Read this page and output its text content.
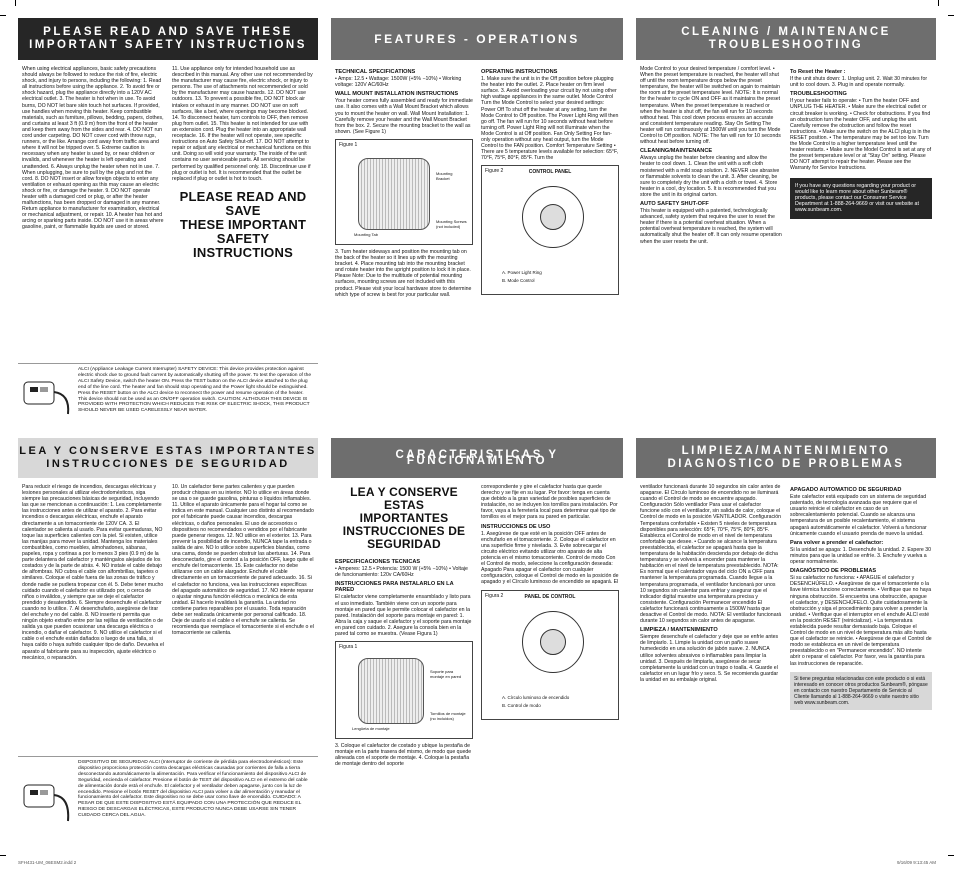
PLEASE READ AND SAVE THESE
IMPORTANT SAFETY INSTRUCTIONS

When using electrical appliances, basic safety precautions should always be followed to reduce the risk of fire, electric shock, and injury to persons, including the following: 1. Read all instructions before using the appliance. 2. To avoid fire or shock hazard, plug the appliance directly into a 120V AC electrical outlet. 3. The heater is hot when in use. To avoid burns, DO NOT let bare skin touch hot surfaces. If provided, use handles when moving this heater. Keep combustible materials, such as furniture, pillows, bedding, papers, clothes, and curtains at least 3 ft (0.9 m) from the front of the heater and keep them away from the sides and rear. 4. DO NOT run cord under carpeting. DO NOT cover cord with throw rugs, runners, or the like. Arrange cord away from traffic area and where it will not be tripped over. 5. Extreme caution is necessary when any heater is used by, or near children or invalids, and whenever the heater is left operating and unattended. 6. Always unplug the heater when not in use. 7. When unplugging, be sure to pull by the plug and not the cord. 8. DO NOT insert or allow foreign objects to enter any ventilation or exhaust opening as this may cause an electric shock or fire, or damage the heater. 9. DO NOT operate heater with a damaged cord or plug, or after the heater malfunctions, has been dropped or damaged in any manner. Return appliance to manufacturer for examination, electrical or mechanical adjustment, or repair. 10. A heater has hot and arcing or sparking parts inside. DO NOT use it in areas where gasoline, paint, or flammable liquids are used or stored.

11. Use appliance only for intended household use as described in this manual. Any other use not recommended by the manufacturer may cause fire, electric shock, or injury to persons. The use of attachments not recommended or sold by the manufacturer may cause hazards. 12. DO NOT use outdoors. 13. To prevent a possible fire, DO NOT block air intakes or exhaust in any manner. DO NOT use on soft surfaces, like a bed, where openings may become blocked. 14. To disconnect heater, turn controls to OFF, then remove plug from outlet. 15. This heater is not intended for use with an extension cord. Plug the heater into an appropriate wall receptacle. 16. If the heater will not operate, see specific instructions on Auto Safety Shut-off. 17. DO NOT attempt to repair or adjust any electrical or mechanical functions on this unit. Doing so will void your warranty. The inside of the unit contains no user serviceable parts. All servicing should be performed by qualified personnel only. 18. Discontinue use if plug or outlet is hot. It is recommended that the outlet be replaced if plug or outlet is hot to touch.

PLEASE READ AND SAVE
THESE IMPORTANT
SAFETY INSTRUCTIONS

ALCI (Appliance Leakage Current Interrupter) SAFETY DEVICE: This device provides protection against electric shock due to ground fault current by automatically shutting off the power. To test the operation of the ALCI Safety Device, switch the heater ON. Press the TEST button on the ALCI device attached to the plug end of the line cord. The heater and fan should stop operating and the Power light should be extinguished. Press the RESET button on the ALCI device to reconnect the power and resume operation of the heater. This device should not be used as an ON/OFF operation switch. CAUTION: ALTHOUGH THIS DEVICE IS PROVIDED WITH PROTECTION WHICH REDUCES THE RISK OF ELECTRIC SHOCK, THIS PRODUCT SHOULD NEVER BE USED CARELESSLY NEAR WATER.

FEATURES - OPERATIONS
TECHNICAL SPECIFICATIONS

• Amps: 12.5 • Wattage: 1500W (+5% −10%) • Working voltage: 120V AC/60Hz

WALL MOUNT INSTALLATION INSTRUCTIONS

Your heater comes fully assembled and ready for immediate use. It also comes with a Wall Mount Bracket which allows you to mount the heater on wall. Wall Mount Installation: 1. Carefully remove your heater and the Wall Mount Bracket from the box. 2. Secure the mounting bracket to the wall as shown. (See Figure 1)

Figure 1
Mounting Bracket
Mounting Tab
Mounting Screws (not included)

3. Turn heater sideways and position the mounting tab on the back of the heater so it lines up with the mounting bracket. 4. Place mounting tab into the mounting bracket and rotate heater into the upright position to lock it in place. Please Note: Due to the multitude of potential mounting surfaces, mounting screws are not included with this product. Please visit your local hardware store to determine which type of screw is best for your particular wall.

OPERATING INSTRUCTIONS

1. Make sure the unit is in the Off position before plugging the heater into the outlet. 2. Place heater on firm level surface. 3. Avoid overloading your circuit by not using other high wattage appliances in the same outlet. Mode Control Turn the Mode Control to select your desired settings: Power Off To shut off the heater at any setting, turn the Mode Control to Off position. The Power Light Ring will then go off. The fan will run for 10 seconds without heat before turning off. Power Light Ring will not illuminate when the Mode Control is at Off position. Fan Only Setting For fan-only operation without any heat output, turn the Mode Control to the FAN position. Comfort Temperature Setting • There are 5 temperature levels available for selection: 65°F, 70°F, 75°F, 80°F, 85°F. Turn the

Figure 2	CONTROL PANEL
A. Power Light Ring
B. Mode Control
CLEANING / MAINTENANCE
TROUBLESHOOTING

Mode Control to your desired temperature / comfort level. • When the preset temperature is reached, the heater will shut off until the room temperature drops below the preset temperature, the heater will be switched on again to maintain the room at the preset temperature level. NOTE: It is normal for the heater to cycle ON and OFF as it maintains the preset temperature. When the preset temperature is reached or when the heater is shut off, the fan will run for 10 seconds without heat. This cool down process ensures an accurate and consistent temperature reading. Stay On Setting The heater will run continuously at 1500W until you turn the Mode Control to Off position. NOTE: The fan will run for 10 seconds without heat before turning off.

CLEANING/MAINTENANCE

Always unplug the heater before cleaning and allow the heater to cool down. 1. Clean the unit with a soft cloth moistened with a mild soap solution. 2. NEVER use abrasive or flammable solvents to clean the unit. 3. After cleaning, be sure to completely dry the unit with a cloth or towel. 4. Store heater in a cool, dry location. 5. It is recommended that you store the unit in its original carton.

AUTO SAFETY SHUT-OFF

This heater is equipped with a patented, technologically advanced, safety system that requires the user to reset the heater if there is a potential overheat situation. When a potential overheat temperature is reached, the system will automatically shut the heater off. It can only resume operation when the user resets the unit.

To Reset the Heater :

If the unit shuts down: 1. Unplug unit. 2. Wait 30 minutes for unit to cool down. 3. Plug in and operate normally.

TROUBLESHOOTING

If your heater fails to operate: • Turn the heater OFF and UNPLUG THE HEATER. • Make sure the electrical outlet or circuit breaker is working. • Check for obstructions. If you find an obstruction turn the heater OFF, and unplug the unit. Carefully remove the obstruction and follow the reset instructions. • Make sure the switch on the ALCI plug is in the RESET position. • The temperature may be set too low. Turn the Mode Control to a higher temperature level until the heater restarts. • Make sure the Model Control is set at any of the preset temperature level or at "Stay On" setting. Please DO NOT attempt to repair the heater. Please see the Warranty for Service Instructions.

If you have any questions regarding your product or would like to learn more about other Sunbeam® products, please contact our Consumer Service Department at 1-888-264-9669 or visit our website at www.sunbeam.com.
LEA Y CONSERVE ESTAS IMPORTANTES
INSTRUCCIONES DE SEGURIDAD

Para reducir el riesgo de incendios, descargas eléctricas y lesiones personales al utilizar electrodomésticos, siga siempre las precauciones básicas de seguridad, incluyendo las que se mencionan a continuación: 1. Lea completamente las instrucciones antes de utilizar el aparato. 2. Para evitar incendios o descargas eléctricas, enchufe el aparato directamente a un tomacorriente de 120V CA. 3. El calentador se calienta al usarlo. Para evitar quemaduras, NO toque las superficies calientes con la piel. Si existen, utilice las manijas para mover la unidad. Mantenga los materiales combustibles, como muebles, almohadones, sábanas, papeles, ropa y cortinas a por lo menos 3 pies (0.9 m) de la parte delantera del calefactor y manténgalos alejados de los costados y de la parte de atrás. 4. NO instale el cable debajo de alfombras. NO cubra el cable con alfombrillas, tapetes o similares. Coloque el cable fuera de las zonas de tráfico y donde nadie se pudiera tropezar con él. 5. Debe tener mucho cuidado cuando el calefactor es utilizado por, o cerca de niños o inválidos, y siempre que se deje el calefactor prendido y desatendido. 6. Siempre desenchufe el calefactor cuando no lo utilice. 7. Al desenchufarlo, asegúrese de tirar del enchufe y no del cable. 8. NO inserte ni permita que ningún objeto extraño entre por las rejillas de ventilación o de salida ya que pueden ocasionar una descarga eléctrica o incendio, o dañar el calefactor. 9. NO utilice el calefactor si el cable o el enchufe están dañados o luego de una falla, si haya caído o haya sufrido cualquier tipo de daño. Devuelva el aparato al fabricante para su inspección, ajuste eléctrico o mecánico, o reparación.

10. Un calefactor tiene partes calientes y que pueden producir chispas en su interior. NO lo utilice en áreas donde se usa o se guarde gasolina, pinturas o líquidos inflamables. 11. Utilice el aparato únicamente para el hogar tal como se indica en este manual. Cualquier uso distinto al recomendado por el fabricante puede causar incendios, descargas eléctricas, o daños personales. El uso de accesorios o dispositivos no recomendados o vendidos por el fabricante puede generar riesgos. 12. NO utilice en el exterior. 13. Para prevenir la posibilidad de incendio, NUNCA tape la entrada o salida de aire. NO lo utilice sobre superficies blandas, como una cama, donde se pueden obstruir las aberturas. 14. Para desconectarlo, gire el control a la posición OFF, luego quite el enchufe del tomacorriente. 15. Este calefactor no debe utilizarse con un cable alargador. Enchufe el cable directamente en un tomacorriente de pared adecuado. 16. Si el calefactor no funciona, vea las instrucciones específicas del apagado automático de seguridad. 17. NO intente reparar o ajustar ninguna función eléctrica o mecánica de esta unidad. El hacerlo invalidará la garantía. La unidad no contiene partes reparables por el usuario. Toda reparación debe ser realizada únicamente por personal calificado. 18. Deje de usarlo si el cable o el enchufe se calienta. Se recomienda que reemplace el tomacorriente si el enchufe o el tomacorriente se calienta.

DISPOSITIVO DE SEGURIDAD ALCI (Interruptor de corriente de pérdida para electrodomésticos): Este dispositivo proporciona protección contra descargas eléctricas causadas por corrientes de falla a tierra desconectando automáticamente la alimentación. Para verificar el funcionamiento del dispositivo ALCI de Seguridad, encienda el calefactor. Presione el botón de TEST del dispositivo ALCI en el extremo del cable de alimentación donde está el enchufe. El calefactor y el ventilador deben apagarse, junto con la luz de encendido. Presione el botón RESET del dispositivo ALCI para volver a dar alimentación y reanudar el funcionamiento del calefactor. Este dispositivo no se debe usar como llave de encendido. CUIDADO: A PESAR DE QUE ESTE DISPOSITIVO ESTÁ EQUIPADO CON UNA PROTECCIÓN QUE REDUCE EL RIESGO DE DESCARGAS ELÉCTRICAS, ESTE PRODUCTO NUNCA DEBE USARSE SIN TENER CUIDADO CERCA DEL AGUA.

CARACTERISTICAS Y FUNCIONAMIENTO
LEA Y CONSERVE ESTAS
IMPORTANTES
INSTRUCCIONES DE
SEGURIDAD
ESPECIFICACIONES TECNICAS

• Amperes: 12.5 • Potencia: 1500 W (+5% −10%) • Voltaje de funcionamiento: 120v CA/60Hz

INSTRUCCIONES PARA INSTALARLO EN LA PARED

El calefactor viene completamente ensamblado y listo para el uso inmediato. También viene con un soporte para montaje en pared que le permite colocar el calefactor en la pared. Instalación del soporte para montaje en pared: 1. Abra la caja y saque el calefactor y el soporte para montaje en pared con cuidado. 2. Asegure la consola bien en la pared tal como se muestra. (Vease Figura 1)

Figura 1
Soporte para montaje en pared
Lengüeta de montaje
Tornillos de montaje (no incluidos)

3. Coloque el calefactor de costado y ubique la pestaña de montaje en la parte trasera del mismo, de modo que quede alineada con el soporte de montaje. 4. Coloque la pestaña de montaje dentro del soporte

correspondiente y gire el calefactor hasta que quede derecho y se fije en su lugar. Por favor: tenga en cuenta que debido a la gran variedad de posibles superficies de instalación, no se incluyen los tornillos para instalación. Por favor, vaya a la ferretería local para determinar qué tipo de tornillos es el mejor para su pared en particular.

INSTRUCCIONES DE USO

1. Asegúrese de que esté en la posición OFF antes de enchufarlo en el tomacorriente. 2. Coloque el calefactor en una superficie firme y nivelada. 3. Evite sobrecargar el circuito eléctrico evitando utilizar otro aparato de alta potencia en el mismo tomacorriente. Control de modo Con el Control de modo, seleccione la configuración deseada: Apagado Para apagar el calefactor con cualquier configuración, coloque el Control de modo en la posición de apagado y el Círculo luminoso de encendido se apagará. El

Figura 2	PANEL DE CONTROL
A. Círculo luminoso de encendido
B. Control de modo
LIMPIEZA/MANTENIMIENTO
DIAGNOSTICO DE PROBLEMAS

ventilador funcionará durante 10 segundos sin calor antes de apagarse. El Círculo luminoso de encendido no se iluminará cuando el Control de modo se encuentre apagado. Configuración Sólo ventilador Para usar el calefactor funcione sólo con el ventilador, sin salida de calor, coloque el Control de modo en la posición VENTILADOR. Configuración Temperatura confortable • Existen 5 niveles de temperatura disponibles para selección: 65°F, 70°F, 75°F, 80°F, 85°F. Establezca el Control de modo en el nivel de temperatura confortable que desee. • Cuando se alcance la temperatura preestablecida, el calefactor se apagará hasta que la temperatura de la habitación descienda por debajo de dicha temperatura y se volverá a encender para mantener la habitación en el nivel de temperatura preestablecido. NOTA: Es normal que el calentador vaya del ciclo ON a OFF para mantener la temperatura programada. Cuando llegue a la temperatura programada, el ventilador funcionará por unos 10 segundos sin calentar para enfriar y asegurar que el indicador digital muestre una temperatura precisa y consistente. Configuración Permanecer encendido El calefactor funcionará continuamente a 1500W hasta que desactive el Control de modo. NOTA: El ventilador funcionará durante 10 segundos sin calor antes de apagarse.

LIMPIEZA / MANTENIMIENTO

Siempre desenchufe el calefactor y deje que se enfríe antes de limpiarlo. 1. Limpie la unidad con un paño suave humedecido en una solución de jabón suave. 2. NUNCA utilice solventes abrasivos o inflamables para limpiar la unidad. 3. Después de limpiarla, asegúrese de secar completamente la unidad con un trapo o toalla. 4. Guarde el calefactor en un lugar frío y seco. 5. Se recomienda guardar la unidad en su embalaje original.

APAGADO AUTOMATICO DE SEGURIDAD

Este calefactor está equipado con un sistema de seguridad patentado, de tecnología avanzada que requiere que el usuario reinicie el calefactor en caso de un sobrecalentamiento potencial. Cuando se alcanza una temperatura de un posible recalentamiento, el sistema apagará automáticamente el calefactor. Volverá a funcionar únicamente cuando el usuario prenda de nuevo la unidad.

Para volver a prender el calefactor:

Si la unidad se apaga: 1. Desenchufe la unidad. 2. Espere 30 minutos para que la unidad se enfríe. 3. Enchufe y vuelva a operar normalmente.

DIAGNÓSTICO DE PROBLEMAS

Si su calefactor no funciona: • APAGUE el calefactor y DESENCHÚFELO. • Asegúrese de que el tomacorriente o la llave térmica funcione correctamente. • Verifique que no haya ninguna obstrucción. Si encuentra una obstrucción, apague el calefactor, y DESENCHÚFELO. Quite cuidadosamente la obstrucción y siga el procedimiento para volver a prender la unidad. • Verifique que el interruptor en el enchufe ALCI esté en la posición RESET (reinicializar). • La temperatura establecida puede resultar demasiado baja. Coloque el Control de modo en un nivel de temperatura más alto hasta que el calefactor se reinicie. • Asegúrese de que el Control de modo se establezca en un nivel de temperatura preestablecido o en "Permanecer encendido". NO intente abrir o reparar el calefactor. Por favor, vea la garantía para las instrucciones de reparación.

Si tiene preguntas relacionadas con este producto o si está interesado en conocer otros productos Sunbeam®, póngase en contacto con nuestro Departamento de Servicio al Cliente llamando al 1-888-264-9669 o visite nuestro sitio web www.sunbeam.com.
SFH431-UM_06ESM2.indd 2	9/16/09 9:13:45 AM
